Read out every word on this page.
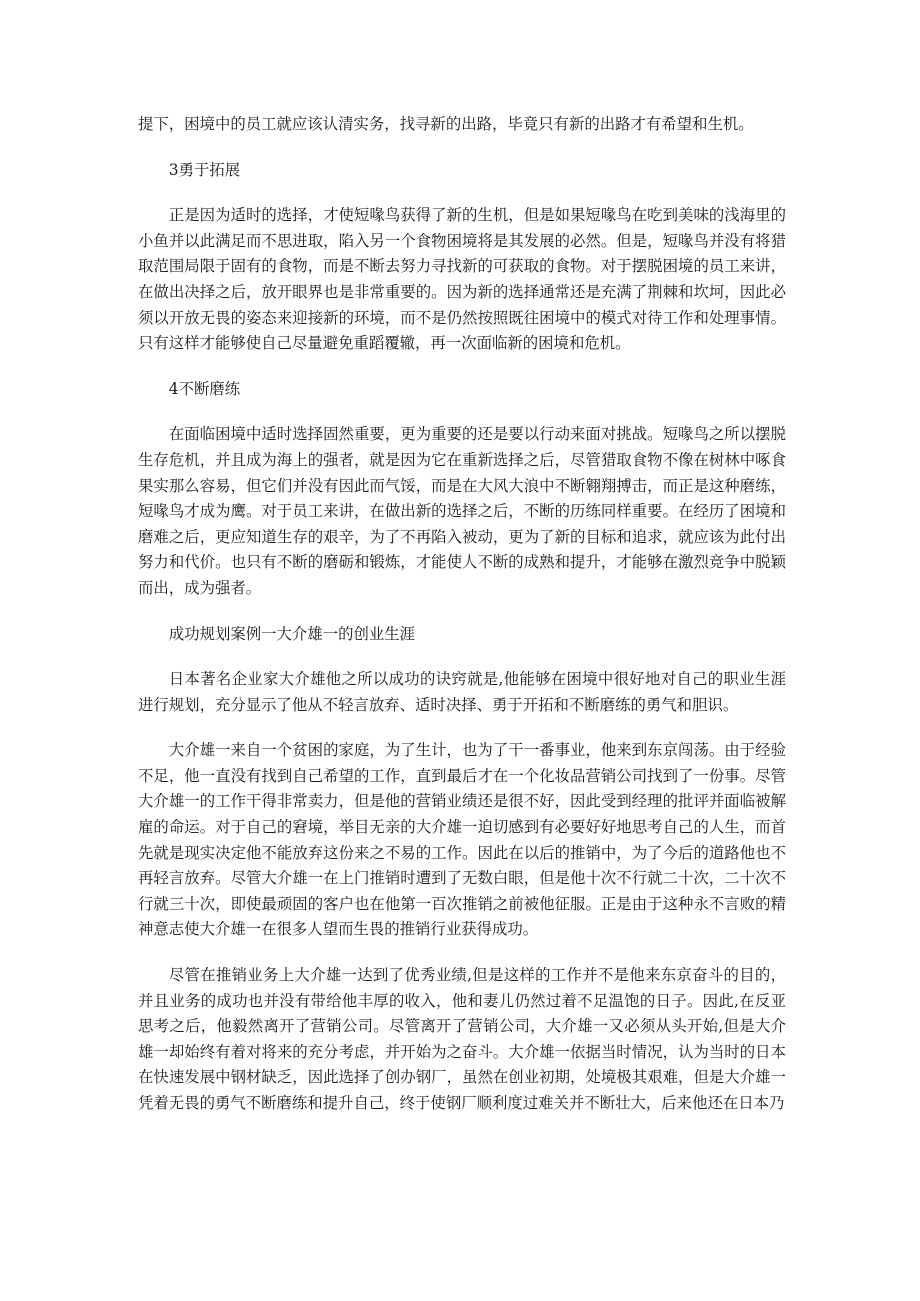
提下，困境中的员工就应该认清实务，找寻新的出路，毕竟只有新的出路才有希望和生机。

3勇于拓展

正是因为适时的选择，才使短喙鸟获得了新的生机，但是如果短喙鸟在吃到美味的浅海里的小鱼并以此满足而不思进取，陷入另一个食物困境将是其发展的必然。但是，短喙鸟并没有将猎取范围局限于固有的食物，而是不断去努力寻找新的可获取的食物。对于摆脱困境的员工来讲，在做出决择之后，放开眼界也是非常重要的。因为新的选择通常还是充满了荆棘和坎坷，因此必须以开放无畏的姿态来迎接新的环境，而不是仍然按照既往困境中的模式对待工作和处理事情。只有这样才能够使自己尽量避免重蹈覆辙，再一次面临新的困境和危机。

4不断磨练

在面临困境中适时选择固然重要，更为重要的还是要以行动来面对挑战。短喙鸟之所以摆脱生存危机，并且成为海上的强者，就是因为它在重新选择之后，尽管猎取食物不像在树林中啄食果实那么容易，但它们并没有因此而气馁，而是在大风大浪中不断翱翔搏击，而正是这种磨练，短喙鸟才成为鹰。对于员工来讲，在做出新的选择之后，不断的历练同样重要。在经历了困境和磨难之后，更应知道生存的艰辛，为了不再陷入被动，更为了新的目标和追求，就应该为此付出努力和代价。也只有不断的磨砺和锻炼，才能使人不断的成熟和提升，才能够在激烈竞争中脱颖而出，成为强者。

成功规划案例一大介雄一的创业生涯

日本著名企业家大介雄他之所以成功的诀窍就是,他能够在困境中很好地对自己的职业生涯进行规划，充分显示了他从不轻言放弃、适时决择、勇于开拓和不断磨练的勇气和胆识。

大介雄一来自一个贫困的家庭，为了生计，也为了干一番事业，他来到东京闯荡。由于经验不足，他一直没有找到自己希望的工作，直到最后才在一个化妆品营销公司找到了一份事。尽管大介雄一的工作干得非常卖力，但是他的营销业绩还是很不好，因此受到经理的批评并面临被解雇的命运。对于自己的窘境，举目无亲的大介雄一迫切感到有必要好好地思考自己的人生，而首先就是现实决定他不能放弃这份来之不易的工作。因此在以后的推销中，为了今后的道路他也不再轻言放弃。尽管大介雄一在上门推销时遭到了无数白眼，但是他十次不行就二十次，二十次不行就三十次，即使最顽固的客户也在他第一百次推销之前被他征服。正是由于这种永不言败的精神意志使大介雄一在很多人望而生畏的推销行业获得成功。

尽管在推销业务上大介雄一达到了优秀业绩,但是这样的工作并不是他来东京奋斗的目的，并且业务的成功也并没有带给他丰厚的收入，他和妻儿仍然过着不足温饱的日子。因此,在反亚思考之后，他毅然离开了营销公司。尽管离开了营销公司，大介雄一又必须从头开始,但是大介雄一却始终有着对将来的充分考虑，并开始为之奋斗。大介雄一依据当时情况，认为当时的日本在快速发展中钢材缺乏，因此选择了创办钢厂，虽然在创业初期，处境极其艰难，但是大介雄一凭着无畏的勇气不断磨练和提升自己，终于使钢厂顺利度过难关并不断壮大，后来他还在日本乃
